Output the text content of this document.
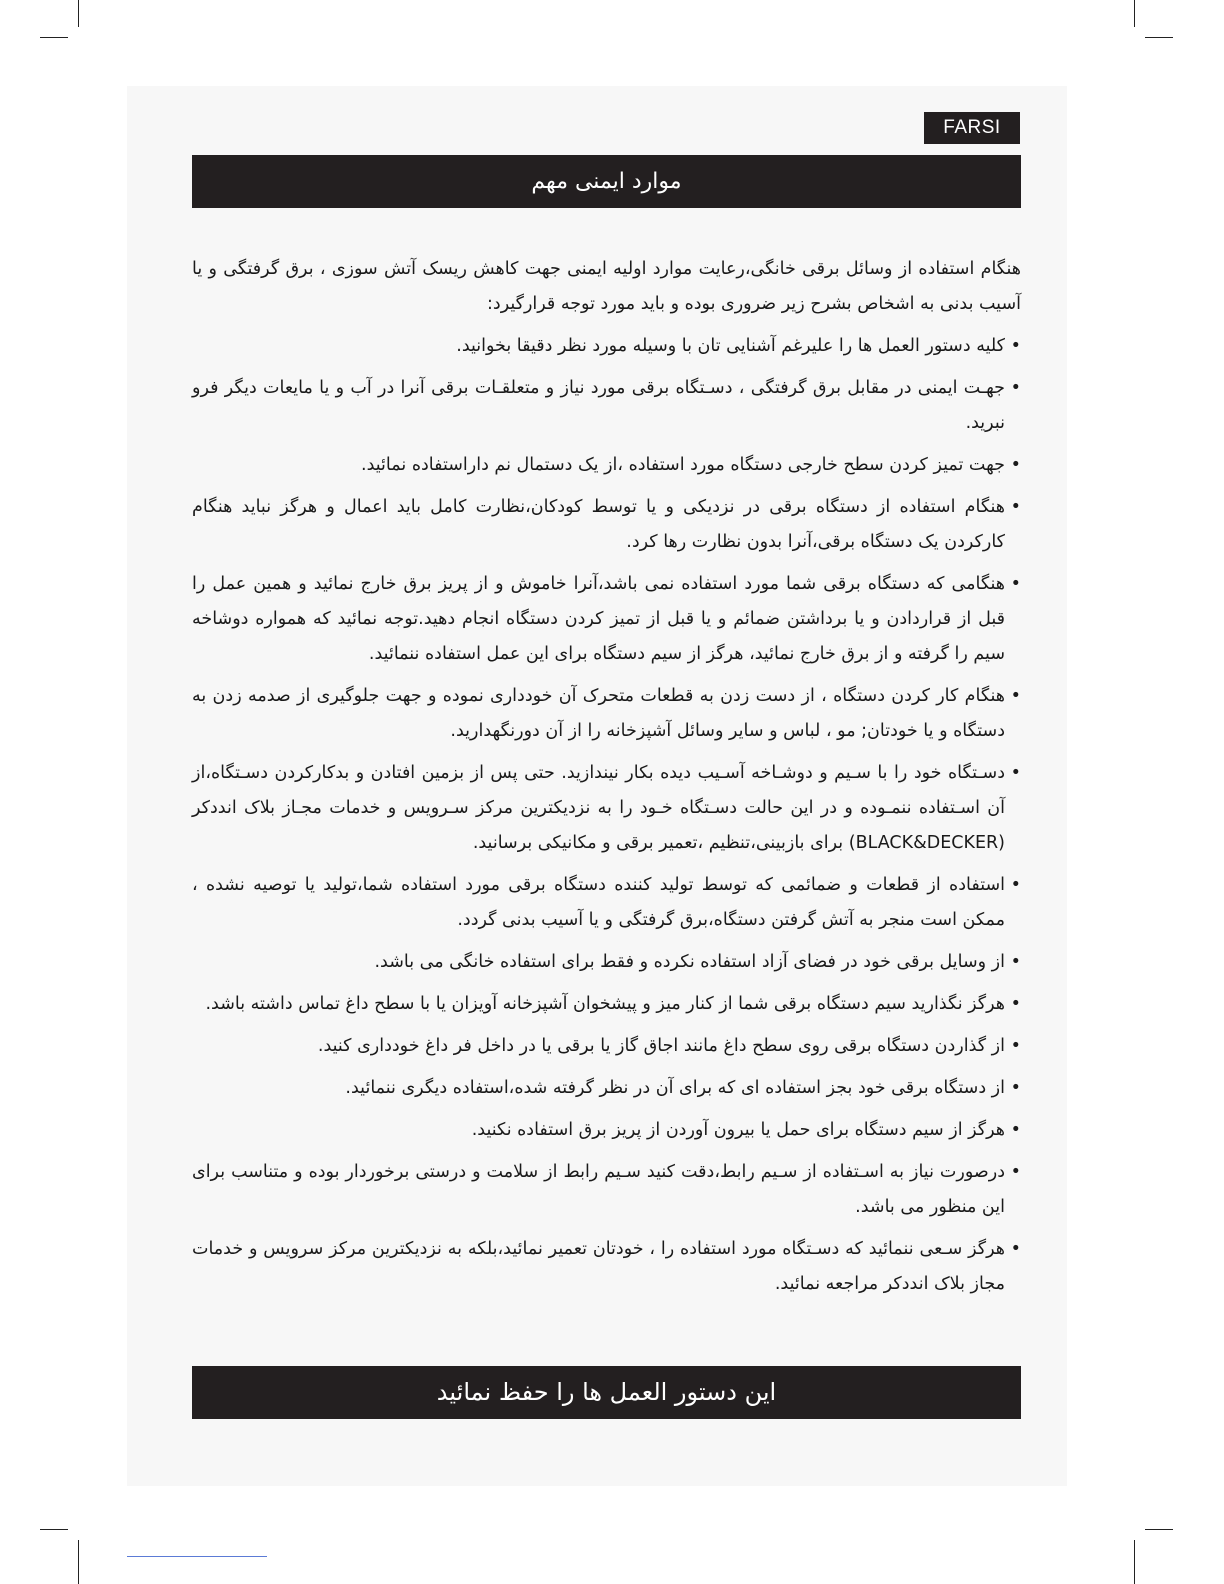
FARSI
موارد ایمنی مهم

هنگام استفاده از وسائل برقی خانگی،رعایت موارد اولیه ایمنی جهت کاهش ریسک آتش سوزی ، برق گرفتگی و یا آسیب بدنی به اشخاص بشرح زیر ضروری بوده و باید مورد توجه قرارگیرد:

• کلیه دستور العمل ها را علیرغم آشنایی تان با وسیله مورد نظر دقیقا بخوانید.
• جهـت ایمنی در مقابل برق گرفتگی ، دسـتگاه برقی مورد نیاز و متعلقـات برقی آنرا در آب و یا مایعات دیگر فرو نبرید.
• جهت تمیز کردن سطح خارجی دستگاه مورد استفاده ،از یک دستمال نم داراستفاده نمائید.
• هنگام استفاده از دستگاه برقی در نزدیکی و یا توسط کودکان،نظارت کامل باید اعمال و هرگز نباید هنگام کارکردن یک دستگاه برقی،آنرا بدون نظارت رها کرد.
• هنگامی که دستگاه برقی شما مورد استفاده نمی باشد،آنرا خاموش و از پریز برق خارج نمائید و همین عمل را قبل از قراردادن و یا برداشتن ضمائم و یا قبل از تمیز کردن دستگاه انجام دهید.توجه نمائید که همواره دوشاخه سیم را گرفته و از برق خارج نمائید، هرگز از سیم دستگاه برای این عمل استفاده ننمائید.
• هنگام کار کردن دستگاه ، از دست زدن به قطعات متحرک آن خودداری نموده و جهت جلوگیری از صدمه زدن به دستگاه و یا خودتان; مو ، لباس و سایر وسائل آشپزخانه را از آن دورنگهدارید.
• دسـتگاه خود را با سـیم و دوشـاخه آسـیب دیده بکار نیندازید. حتی پس از بزمین افتادن و بدکارکردن دسـتگاه،از آن اسـتفاده ننمـوده و در این حالت دسـتگاه خـود را به نزدیکترین مرکز سـرویس و خدمات مجـاز بلاک انددکر (BLACK&DECKER) برای بازبینی،تنظیم ،تعمیر برقی و مکانیکی برسانید.
• استفاده از قطعات و ضمائمی که توسط تولید کننده دستگاه برقی مورد استفاده شما،تولید یا توصیه نشده ، ممکن است منجر به آتش گرفتن دستگاه،برق گرفتگی و یا آسیب بدنی گردد.
• از وسایل برقی خود در فضای آزاد استفاده نکرده و فقط برای استفاده خانگی می باشد.
• هرگز نگذارید سیم دستگاه برقی شما از کنار میز و پیشخوان آشپزخانه آویزان یا با سطح داغ تماس داشته باشد.
• از گذاردن دستگاه برقی روی سطح داغ مانند اجاق گاز یا برقی یا در داخل فر داغ خودداری کنید.
• از دستگاه برقی خود بجز استفاده ای که برای آن در نظر گرفته شده،استفاده دیگری ننمائید.
• هرگز از سیم دستگاه برای حمل یا بیرون آوردن از پریز برق استفاده نکنید.
• درصورت نیاز به اسـتفاده از سـیم رابط،دقت کنید سـیم رابط از سلامت و درستی برخوردار بوده و متناسب برای این منظور می باشد.
• هرگز سـعی ننمائید که دسـتگاه مورد استفاده را ، خودتان تعمیر نمائید،بلکه به نزدیکترین مرکز سرویس و خدمات مجاز بلاک انددکر مراجعه نمائید.
این دستور العمل ها را حفظ نمائید
